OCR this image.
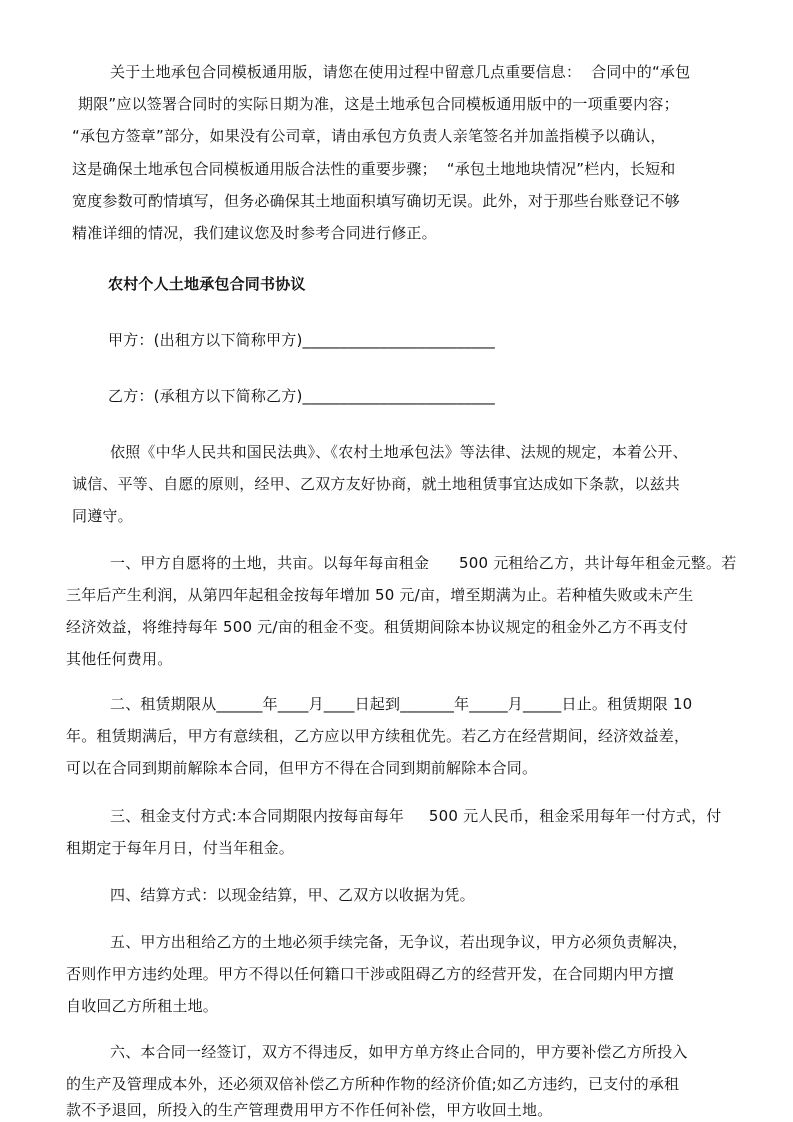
关于土地承包合同模板通用版，请您在使用过程中留意几点重要信息：  合同中的“承包
期限”应以签署合同时的实际日期为准，这是土地承包合同模板通用版中的一项重要内容；
“承包方签章”部分，如果没有公司章，请由承包方负责人亲笔签名并加盖指模予以确认，
这是确保土地承包合同模板通用版合法性的重要步骤；  “承包土地地块情况”栏内，长短和
宽度参数可酌情填写，但务必确保其土地面积填写确切无误。此外，对于那些台账登记不够
精准详细的情况，我们建议您及时参考合同进行修正。
农村个人土地承包合同书协议
甲方：(出租方以下简称甲方)_________________________
乙方：(承租方以下简称乙方)_________________________
依照《中华人民共和国民法典》、《农村土地承包法》等法律、法规的规定，本着公开、
诚信、平等、自愿的原则，经甲、乙双方友好协商，就土地租赁事宜达成如下条款，以兹共
同遵守。
一、甲方自愿将的土地，共亩。以每年每亩租金      500 元租给乙方，共计每年租金元整。若
三年后产生利润，从第四年起租金按每年增加 50 元/亩，增至期满为止。若种植失败或未产生
经济效益，将维持每年 500 元/亩的租金不变。租赁期间除本协议规定的租金外乙方不再支付
其他任何费用。
二、租赁期限从______年____月____日起到_______年_____月_____日止。租赁期限 10
年。租赁期满后，甲方有意续租，乙方应以甲方续租优先。若乙方在经营期间，经济效益差，
可以在合同到期前解除本合同，但甲方不得在合同到期前解除本合同。
三、租金支付方式:本合同期限内按每亩每年     500 元人民币，租金采用每年一付方式，付
租期定于每年月日，付当年租金。
四、结算方式：以现金结算，甲、乙双方以收据为凭。
五、甲方出租给乙方的土地必须手续完备，无争议，若出现争议，甲方必须负责解决，
否则作甲方违约处理。甲方不得以任何籍口干涉或阻碍乙方的经营开发，在合同期内甲方擅
自收回乙方所租土地。
六、本合同一经签订，双方不得违反，如甲方单方终止合同的，甲方要补偿乙方所投入
的生产及管理成本外，还必须双倍补偿乙方所种作物的经济价值;如乙方违约，已支付的承租
款不予退回，所投入的生产管理费用甲方不作任何补偿，甲方收回土地。
